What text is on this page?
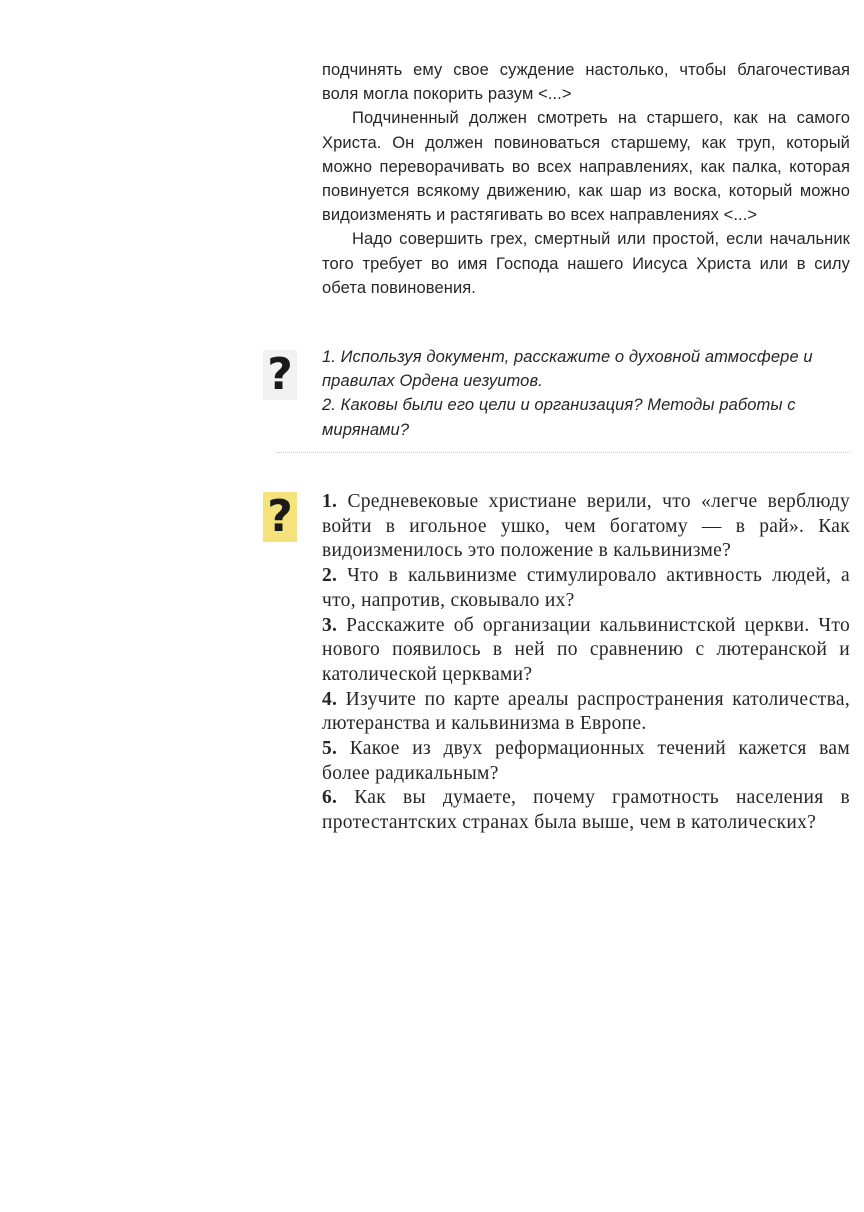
подчинять ему свое суждение настолько, чтобы благочестивая воля могла покорить разум <...>

Подчиненный должен смотреть на старшего, как на самого Христа. Он должен повиноваться старшему, как труп, который можно переворачивать во всех направлениях, как палка, которая повинуется всякому движению, как шар из воска, который можно видоизменять и растягивать во всех направлениях <...>

Надо совершить грех, смертный или простой, если начальник того требует во имя Господа нашего Иисуса Христа или в силу обета повиновения.

? 1. Используя документ, расскажите о духовной атмосфере и правилах Ордена иезуитов.

2. Каковы были его цели и организация? Методы работы с мирянами?

? 1. Средневековые христиане верили, что «легче верблюду войти в игольное ушко, чем богатому — в рай». Как видоизменилось это положение в кальвинизме?

2. Что в кальвинизме стимулировало активность людей, а что, напротив, сковывало их?

3. Расскажите об организации кальвинистской церкви. Что нового появилось в ней по сравнению с лютеранской и католической церквами?

4. Изучите по карте ареалы распространения католичества, лютеранства и кальвинизма в Европе.

5. Какое из двух реформационных течений кажется вам более радикальным?

6. Как вы думаете, почему грамотность населения в протестантских странах была выше, чем в католических?
